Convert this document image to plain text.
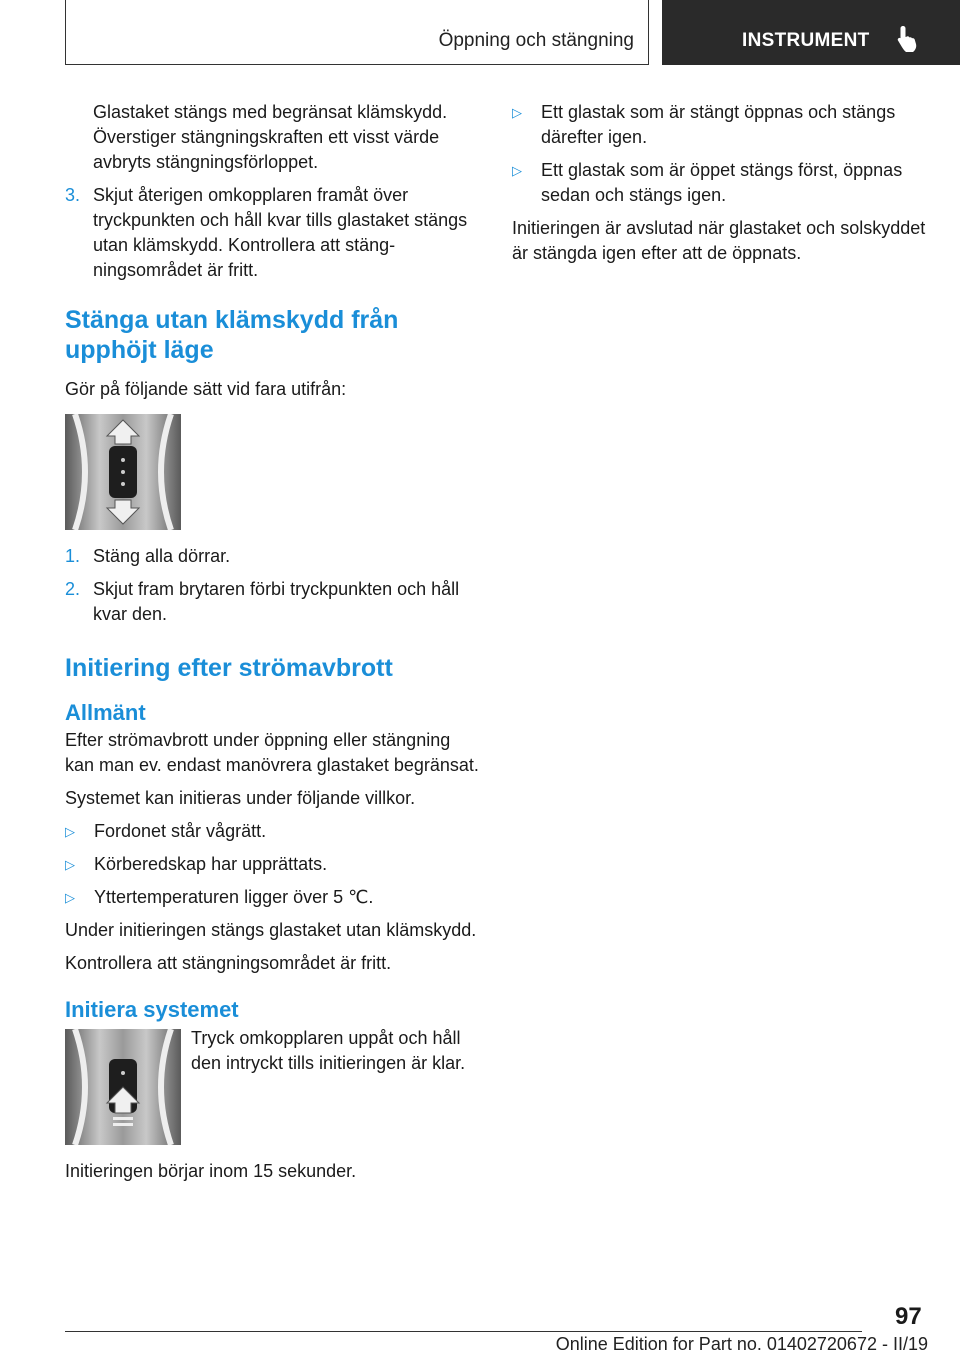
Öppning och stängning	INSTRUMENT

Glastaket stängs med begränsat klämskydd. Överstiger stängningskraften ett visst värde avbryts stängningsförloppet.

3. Skjut återigen omkopplaren framåt över tryckpunkten och håll kvar tills glastaket stängs utan klämskydd. Kontrollera att stängningsområdet är fritt.
Stänga utan klämskydd från upphöjt läge

Gör på följande sätt vid fara utifrån:

1. Stäng alla dörrar.
2. Skjut fram brytaren förbi tryckpunkten och håll kvar den.
Initiering efter strömavbrott
Allmänt

Efter strömavbrott under öppning eller stängning kan man ev. endast manövrera glastaket begränsat.

Systemet kan initieras under följande villkor.

▷	Fordonet står vågrätt.
▷	Körberedskap har upprättats.
▷	Yttertemperaturen ligger över 5 ℃.

Under initieringen stängs glastaket utan klämskydd.

Kontrollera att stängningsområdet är fritt.

Initiera systemet
Tryck omkopplaren uppåt och håll den intryckt tills initieringen är klar.

Initieringen börjar inom 15 sekunder.

▷	Ett glastak som är stängt öppnas och stängs därefter igen.
▷	Ett glastak som är öppet stängs först, öppnas sedan och stängs igen.

Initieringen är avslutad när glastaket och solskyddet är stängda igen efter att de öppnats.

97
Online Edition for Part no. 01402720672 - II/19
